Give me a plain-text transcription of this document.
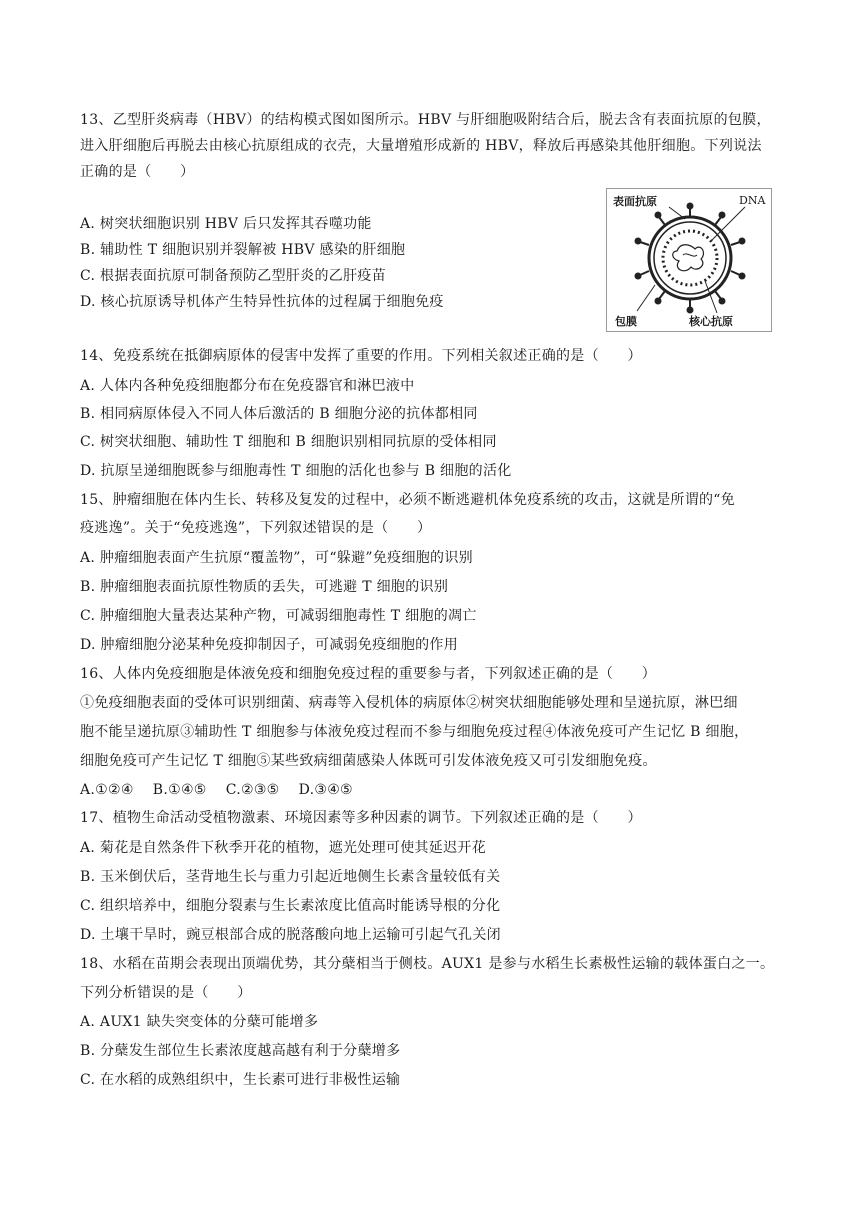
13、乙型肝炎病毒（HBV）的结构模式图如图所示。HBV 与肝细胞吸附结合后，脱去含有表面抗原的包膜，
进入肝细胞后再脱去由核心抗原组成的衣壳，大量增殖形成新的 HBV，释放后再感染其他肝细胞。下列说法
正确的是（　　）
A. 树突状细胞识别 HBV 后只发挥其吞噬功能
B. 辅助性 T 细胞识别并裂解被 HBV 感染的肝细胞
C. 根据表面抗原可制备预防乙型肝炎的乙肝疫苗
D. 核心抗原诱导机体产生特异性抗体的过程属于细胞免疫
表面抗原	DNA
包膜	核心抗原
14、免疫系统在抵御病原体的侵害中发挥了重要的作用。下列相关叙述正确的是（　　）
A. 人体内各种免疫细胞都分布在免疫器官和淋巴液中
B. 相同病原体侵入不同人体后激活的 B 细胞分泌的抗体都相同
C. 树突状细胞、辅助性 T 细胞和 B 细胞识别相同抗原的受体相同
D. 抗原呈递细胞既参与细胞毒性 T 细胞的活化也参与 B 细胞的活化
15、肿瘤细胞在体内生长、转移及复发的过程中，必须不断逃避机体免疫系统的攻击，这就是所谓的“免
疫逃逸”。关于“免疫逃逸”，下列叙述错误的是（　　）
A. 肿瘤细胞表面产生抗原“覆盖物”，可“躲避”免疫细胞的识别
B. 肿瘤细胞表面抗原性物质的丢失，可逃避 T 细胞的识别
C. 肿瘤细胞大量表达某种产物，可减弱细胞毒性 T 细胞的凋亡
D. 肿瘤细胞分泌某种免疫抑制因子，可减弱免疫细胞的作用
16、人体内免疫细胞是体液免疫和细胞免疫过程的重要参与者，下列叙述正确的是（　　）
①免疫细胞表面的受体可识别细菌、病毒等入侵机体的病原体②树突状细胞能够处理和呈递抗原，淋巴细
胞不能呈递抗原③辅助性 T 细胞参与体液免疫过程而不参与细胞免疫过程④体液免疫可产生记忆 B 细胞，
细胞免疫可产生记忆 T 细胞⑤某些致病细菌感染人体既可引发体液免疫又可引发细胞免疫。
A.①②④　 B.①④⑤　 C.②③⑤　 D.③④⑤
17、植物生命活动受植物激素、环境因素等多种因素的调节。下列叙述正确的是（　　）
A. 菊花是自然条件下秋季开花的植物，遮光处理可使其延迟开花
B. 玉米倒伏后，茎背地生长与重力引起近地侧生长素含量较低有关
C. 组织培养中，细胞分裂素与生长素浓度比值高时能诱导根的分化
D. 土壤干旱时，豌豆根部合成的脱落酸向地上运输可引起气孔关闭
18、水稻在苗期会表现出顶端优势，其分蘖相当于侧枝。AUX1 是参与水稻生长素极性运输的载体蛋白之一。
下列分析错误的是（　　）
A. AUX1 缺失突变体的分蘖可能增多
B. 分蘖发生部位生长素浓度越高越有利于分蘖增多
C. 在水稻的成熟组织中，生长素可进行非极性运输
